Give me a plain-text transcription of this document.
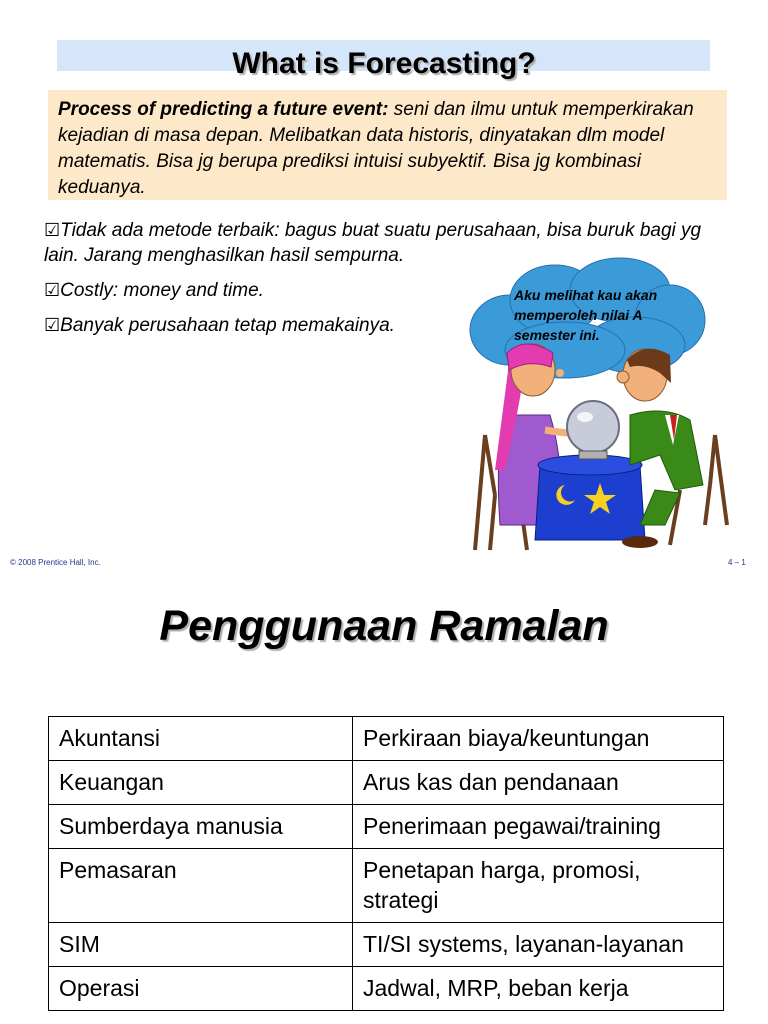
What is Forecasting?
Process of predicting a future event: seni dan ilmu untuk memperkirakan kejadian di masa depan. Melibatkan data historis, dinyatakan dlm model matematis. Bisa jg berupa prediksi intuisi subyektif. Bisa jg kombinasi keduanya.
☑Tidak ada metode terbaik: bagus buat suatu perusahaan, bisa buruk bagi yg lain. Jarang menghasilkan hasil sempurna.
☑Costly: money and time.
☑Banyak perusahaan tetap memakainya.
Aku melihat kau akan memperoleh nilai A semester ini.
© 2008 Prentice Hall, Inc.	4 – 1
Penggunaan Ramalan
Akuntansi	Perkiraan biaya/keuntungan
Keuangan	Arus kas dan pendanaan
Sumberdaya manusia	Penerimaan pegawai/training
Pemasaran	Penetapan harga, promosi, strategi
SIM	TI/SI systems, layanan-layanan
Operasi	Jadwal, MRP, beban kerja
